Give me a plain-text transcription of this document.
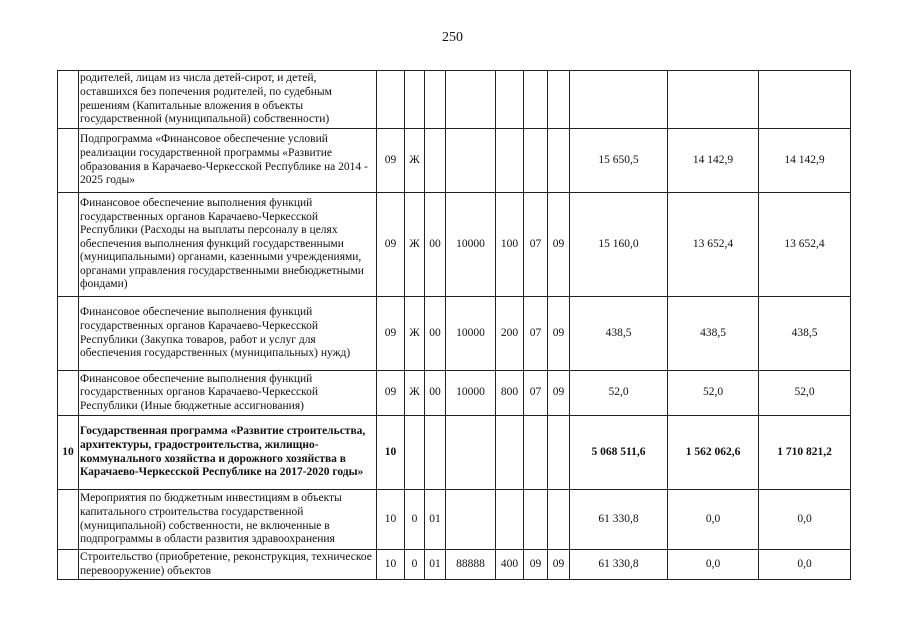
250
	родителей, лицам из числа детей-сирот, и детей, оставшихся без попечения родителей, по судебным решениям (Капитальные вложения в объекты государственной (муниципальной) собственности)										
	Подпрограмма «Финансовое обеспечение условий реализации государственной программы «Развитие образования в Карачаево-Черкесской Республике на 2014 - 2025 годы»	09	Ж						15 650,5	14 142,9	14 142,9
	Финансовое обеспечение выполнения функций государственных органов Карачаево-Черкесской Республики (Расходы на выплаты персоналу в целях обеспечения выполнения функций государственными (муниципальными) органами, казенными учреждениями, органами управления государственными внебюджетными фондами)	09	Ж	00	10000	100	07	09	15 160,0	13 652,4	13 652,4
	Финансовое обеспечение выполнения функций государственных органов Карачаево-Черкесской Республики (Закупка товаров, работ и услуг для обеспечения государственных (муниципальных) нужд)	09	Ж	00	10000	200	07	09	438,5	438,5	438,5
	Финансовое обеспечение выполнения функций государственных органов Карачаево-Черкесской Республики (Иные бюджетные ассигнования)	09	Ж	00	10000	800	07	09	52,0	52,0	52,0
10	Государственная программа «Развитие строительства, архитектуры, градостроительства, жилищно-коммунального хозяйства и дорожного хозяйства в Карачаево-Черкесской Республике на 2017-2020 годы»	10							5 068 511,6	1 562 062,6	1 710 821,2
	Мероприятия по бюджетным инвестициям в объекты капитального строительства государственной (муниципальной) собственности, не включенные в подпрограммы в области развития здравоохранения	10	0	01					61 330,8	0,0	0,0
	Строительство (приобретение, реконструкция, техническое перевооружение) объектов	10	0	01	88888	400	09	09	61 330,8	0,0	0,0
